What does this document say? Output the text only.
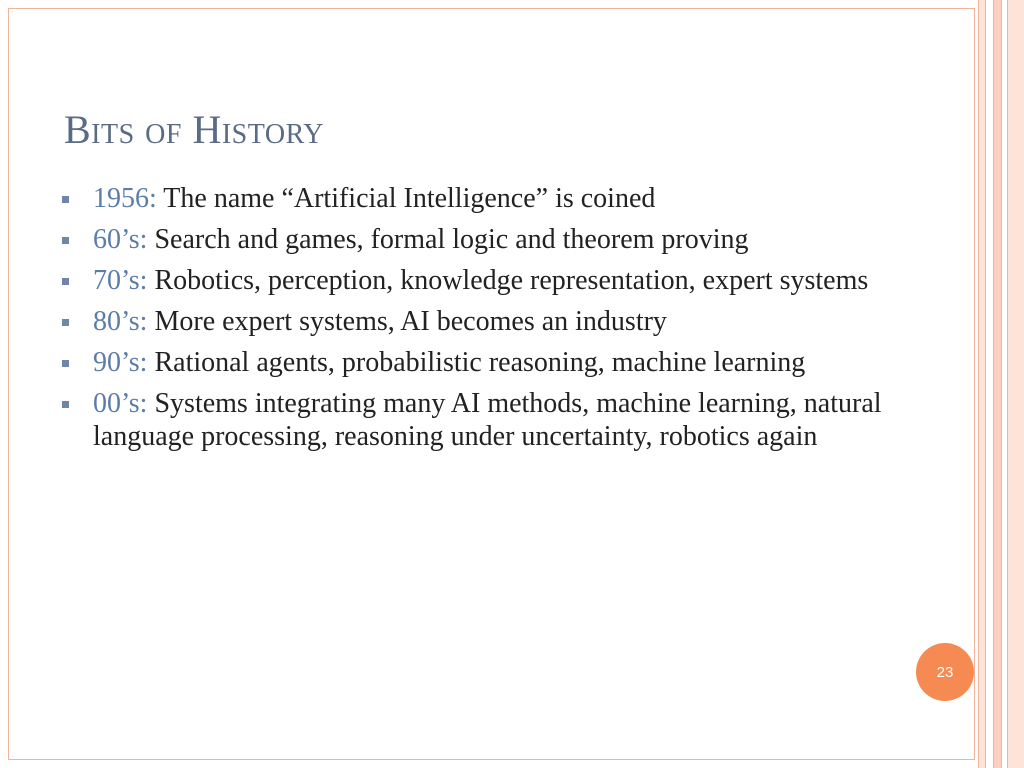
Bits of History
1956: The name “Artificial Intelligence” is coined
60’s: Search and games, formal logic and theorem proving
70’s: Robotics, perception, knowledge representation, expert systems
80’s: More expert systems, AI becomes an industry
90’s: Rational agents, probabilistic reasoning, machine learning
00’s: Systems integrating many AI methods, machine learning, natural language processing, reasoning under uncertainty, robotics again
23
